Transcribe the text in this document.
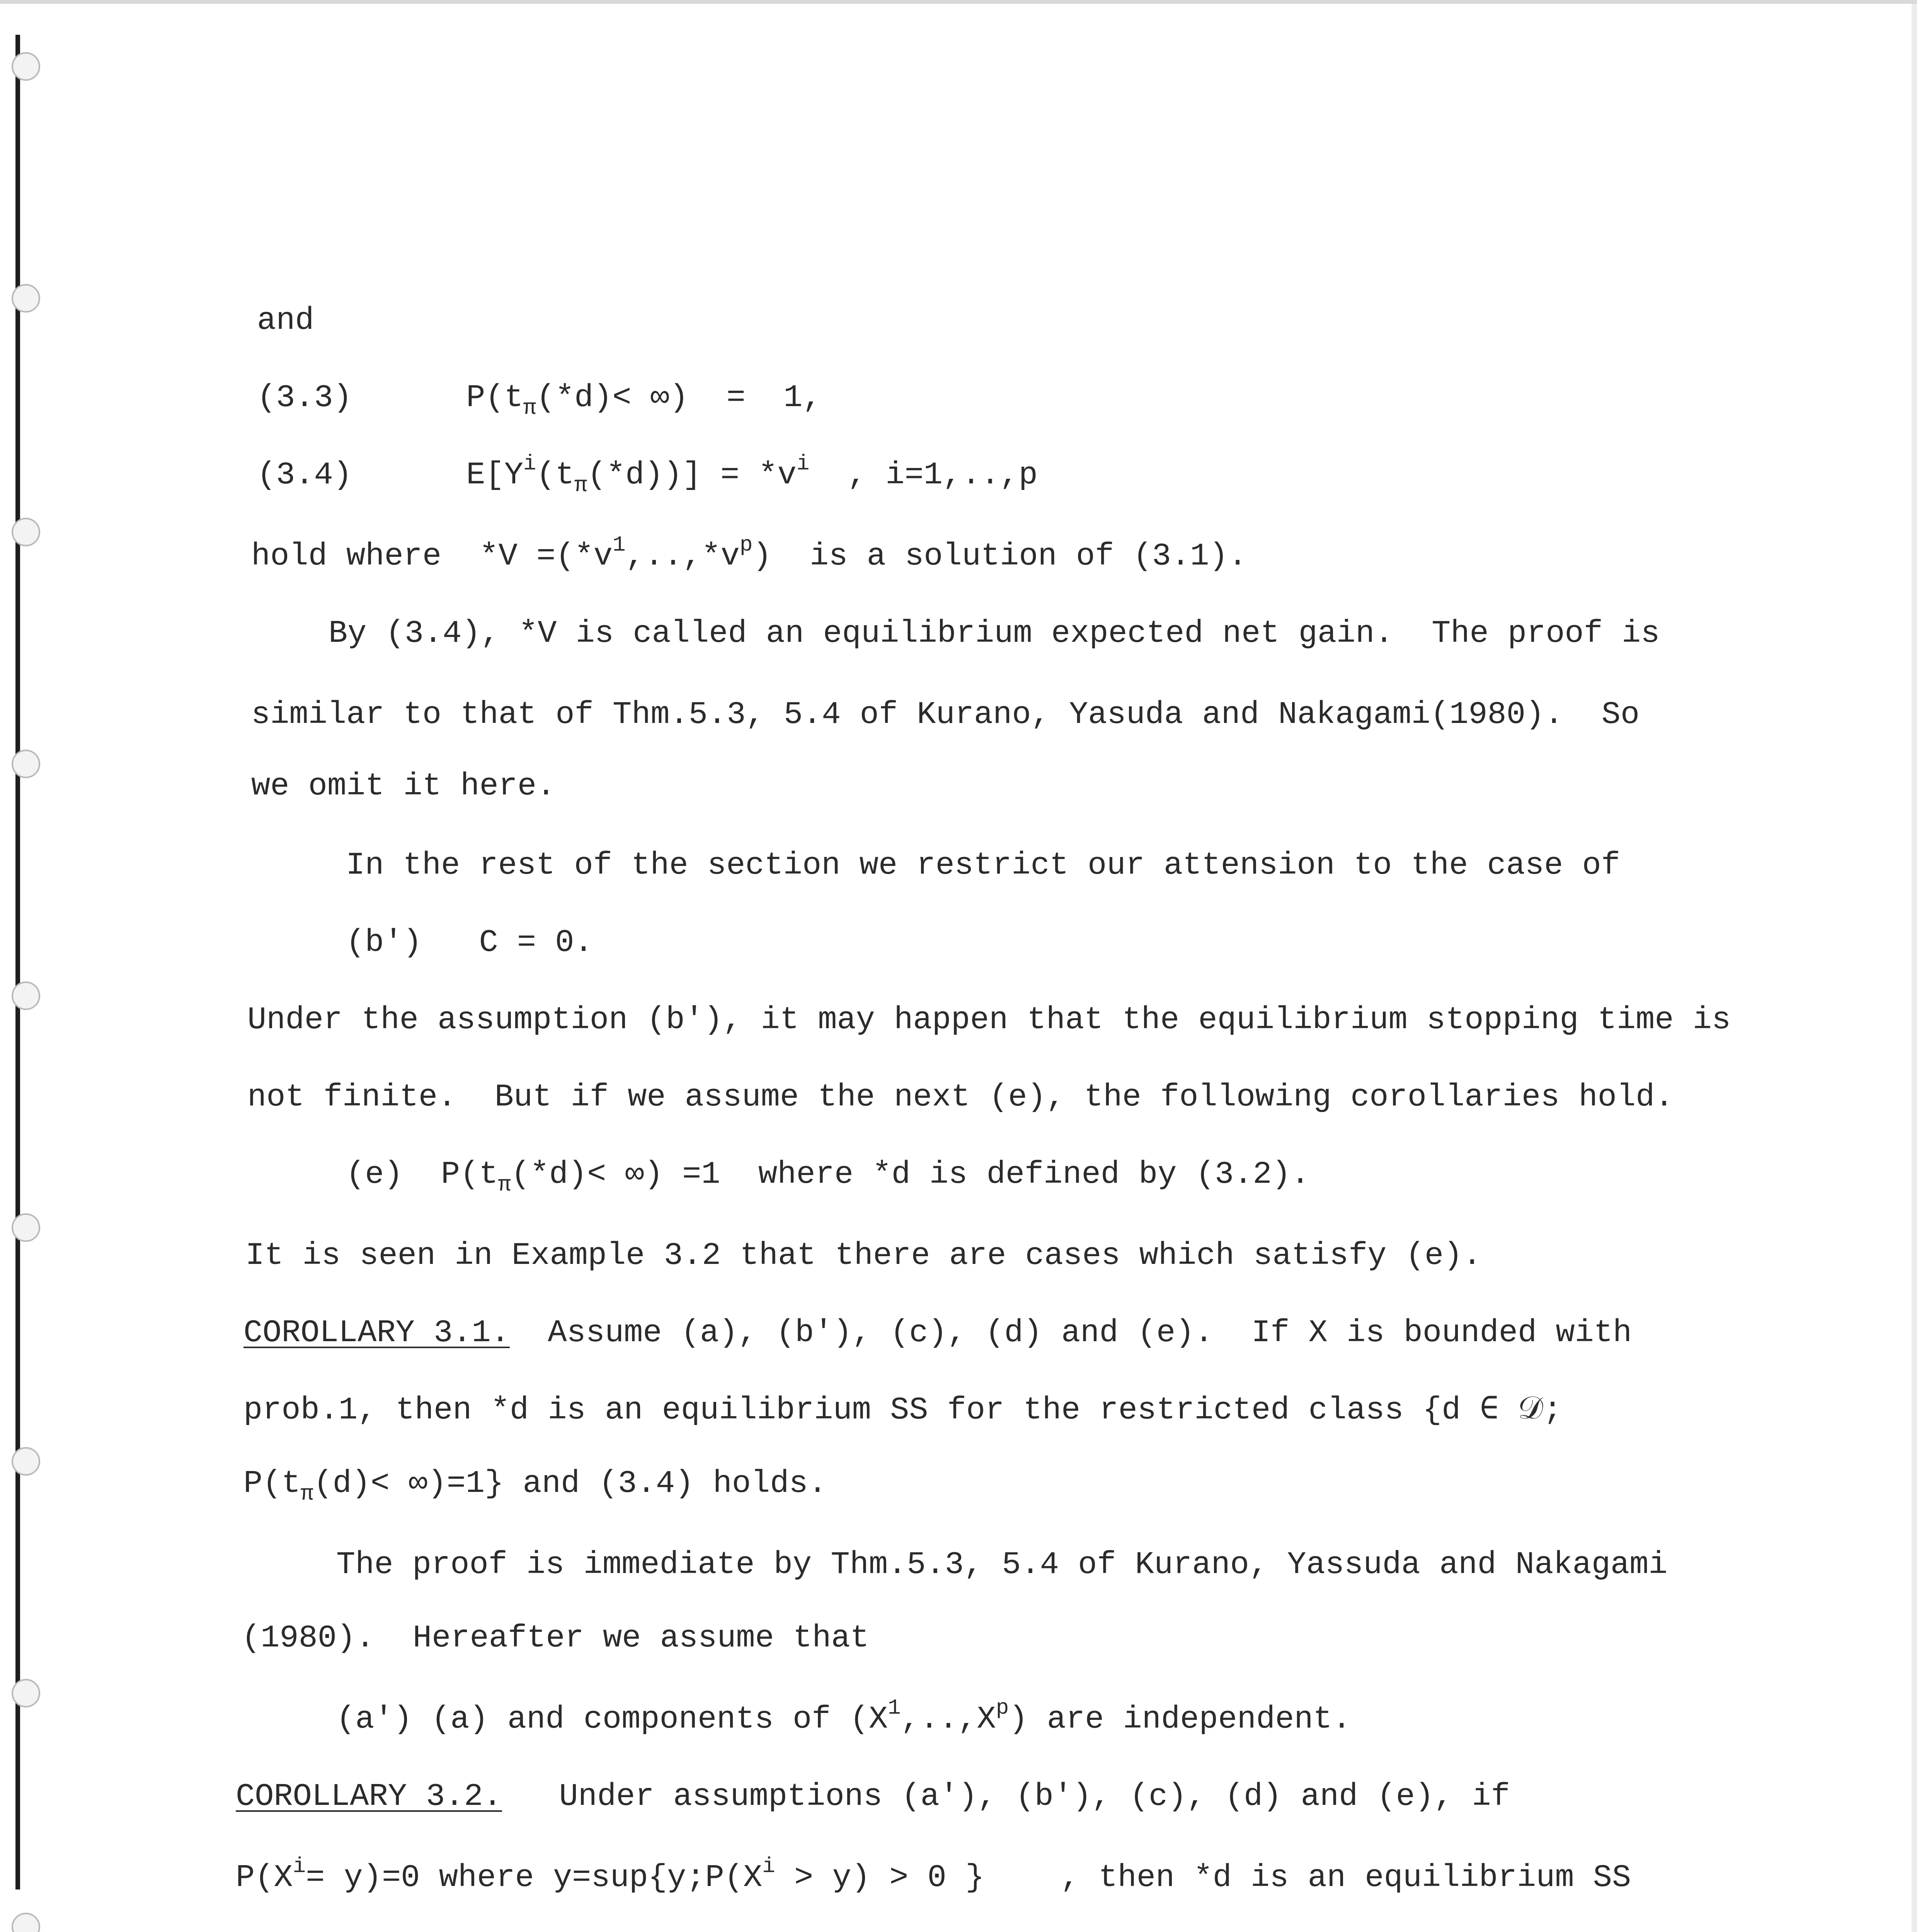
and
(3.3)      $P(t_\pi(*d)<$ ∞)  =  1,
(3.4)      $E[Y^i(t_\pi(*d))] = *v^i$  , i=1,..,p
hold where  $*V =(*v^1,..,*v^p)$  is a solution of (3.1).
By (3.4), *V is called an equilibrium expected net gain.  The proof is
similar to that of Thm.5.3, 5.4 of Kurano, Yasuda and Nakagami(1980).  So
we omit it here.
In the rest of the section we restrict our attension to the case of
(b')   C = 0.
Under the assumption (b'), it may happen that the equilibrium stopping time is
not finite.  But if we assume the next (e), the following corollaries hold.
(e)  $P(t_\pi(*d)<$ ∞) =1  where *d is defined by (3.2).
It is seen in Example 3.2 that there are cases which satisfy (e).
COROLLARY 3.1.  Assume (a), (b'), (c), (d) and (e).  If X is bounded with
prob.1, then *d is an equilibrium SS for the restricted class {d ∈ 𝒟;
$P(t_\pi(d)< \infty)=1$} and (3.4) holds.
The proof is immediate by Thm.5.3, 5.4 of Kurano, Yassuda and Nakagami
(1980).  Hereafter we assume that
(a') (a) and components of $(X^1,..,X^p)$ are independent.
COROLLARY 3.2.   Under assumptions (a'), (b'), (c), (d) and (e), if
$P(X^i= y)=0$ where $y=sup\{y;P(X^i > y) > 0$ }    , then *d is an equilibrium SS
